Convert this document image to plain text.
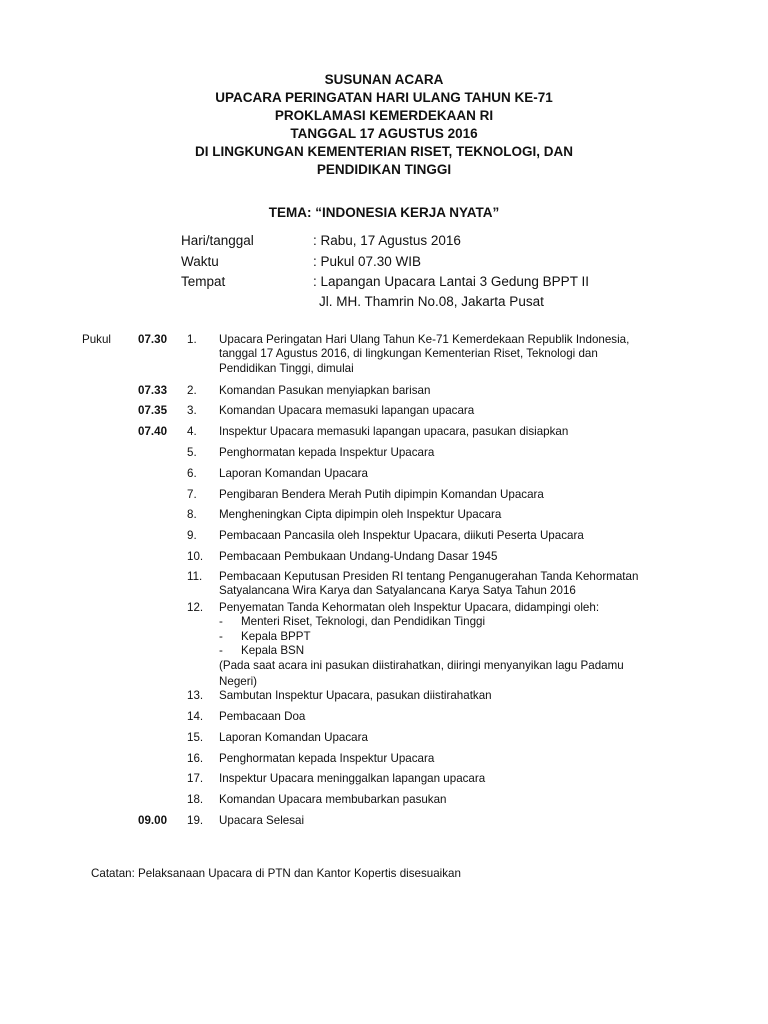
SUSUNAN ACARA
UPACARA PERINGATAN HARI ULANG TAHUN KE-71
PROKLAMASI KEMERDEKAAN RI
TANGGAL 17 AGUSTUS 2016
DI LINGKUNGAN KEMENTERIAN RISET, TEKNOLOGI, DAN
PENDIDIKAN TINGGI
TEMA: “INDONESIA KERJA NYATA”
Hari/tanggal	: Rabu, 17 Agustus 2016
Waktu	: Pukul 07.30 WIB
Tempat	: Lapangan Upacara Lantai 3 Gedung BPPT II
Jl. MH. Thamrin No.08, Jakarta Pusat
Pukul 07.30 1. Upacara Peringatan Hari Ulang Tahun Ke-71 Kemerdekaan Republik Indonesia,
tanggal 17 Agustus 2016, di lingkungan Kementerian Riset, Teknologi dan
Pendidikan Tinggi, dimulai
07.33 2. Komandan Pasukan menyiapkan barisan
07.35 3. Komandan Upacara memasuki lapangan upacara
07.40 4. Inspektur Upacara memasuki lapangan upacara, pasukan disiapkan
5. Penghormatan kepada Inspektur Upacara
6. Laporan Komandan Upacara
7. Pengibaran Bendera Merah Putih dipimpin Komandan Upacara
8. Mengheningkan Cipta dipimpin oleh Inspektur Upacara
9. Pembacaan Pancasila oleh Inspektur Upacara, diikuti Peserta Upacara
10. Pembacaan Pembukaan Undang-Undang Dasar 1945
11. Pembacaan Keputusan Presiden RI tentang Penganugerahan Tanda Kehormatan
Satyalancana Wira Karya dan Satyalancana Karya Satya Tahun 2016
12. Penyematan Tanda Kehormatan oleh Inspektur Upacara, didampingi oleh:
- Menteri Riset, Teknologi, dan Pendidikan Tinggi
- Kepala BPPT
- Kepala BSN
(Pada saat acara ini pasukan diistirahatkan, diiringi menyanyikan lagu Padamu
Negeri)
13. Sambutan Inspektur Upacara, pasukan diistirahatkan
14. Pembacaan Doa
15. Laporan Komandan Upacara
16. Penghormatan kepada Inspektur Upacara
17. Inspektur Upacara meninggalkan lapangan upacara
18. Komandan Upacara membubarkan pasukan
09.00 19. Upacara Selesai
Catatan: Pelaksanaan Upacara di PTN dan Kantor Kopertis disesuaikan
